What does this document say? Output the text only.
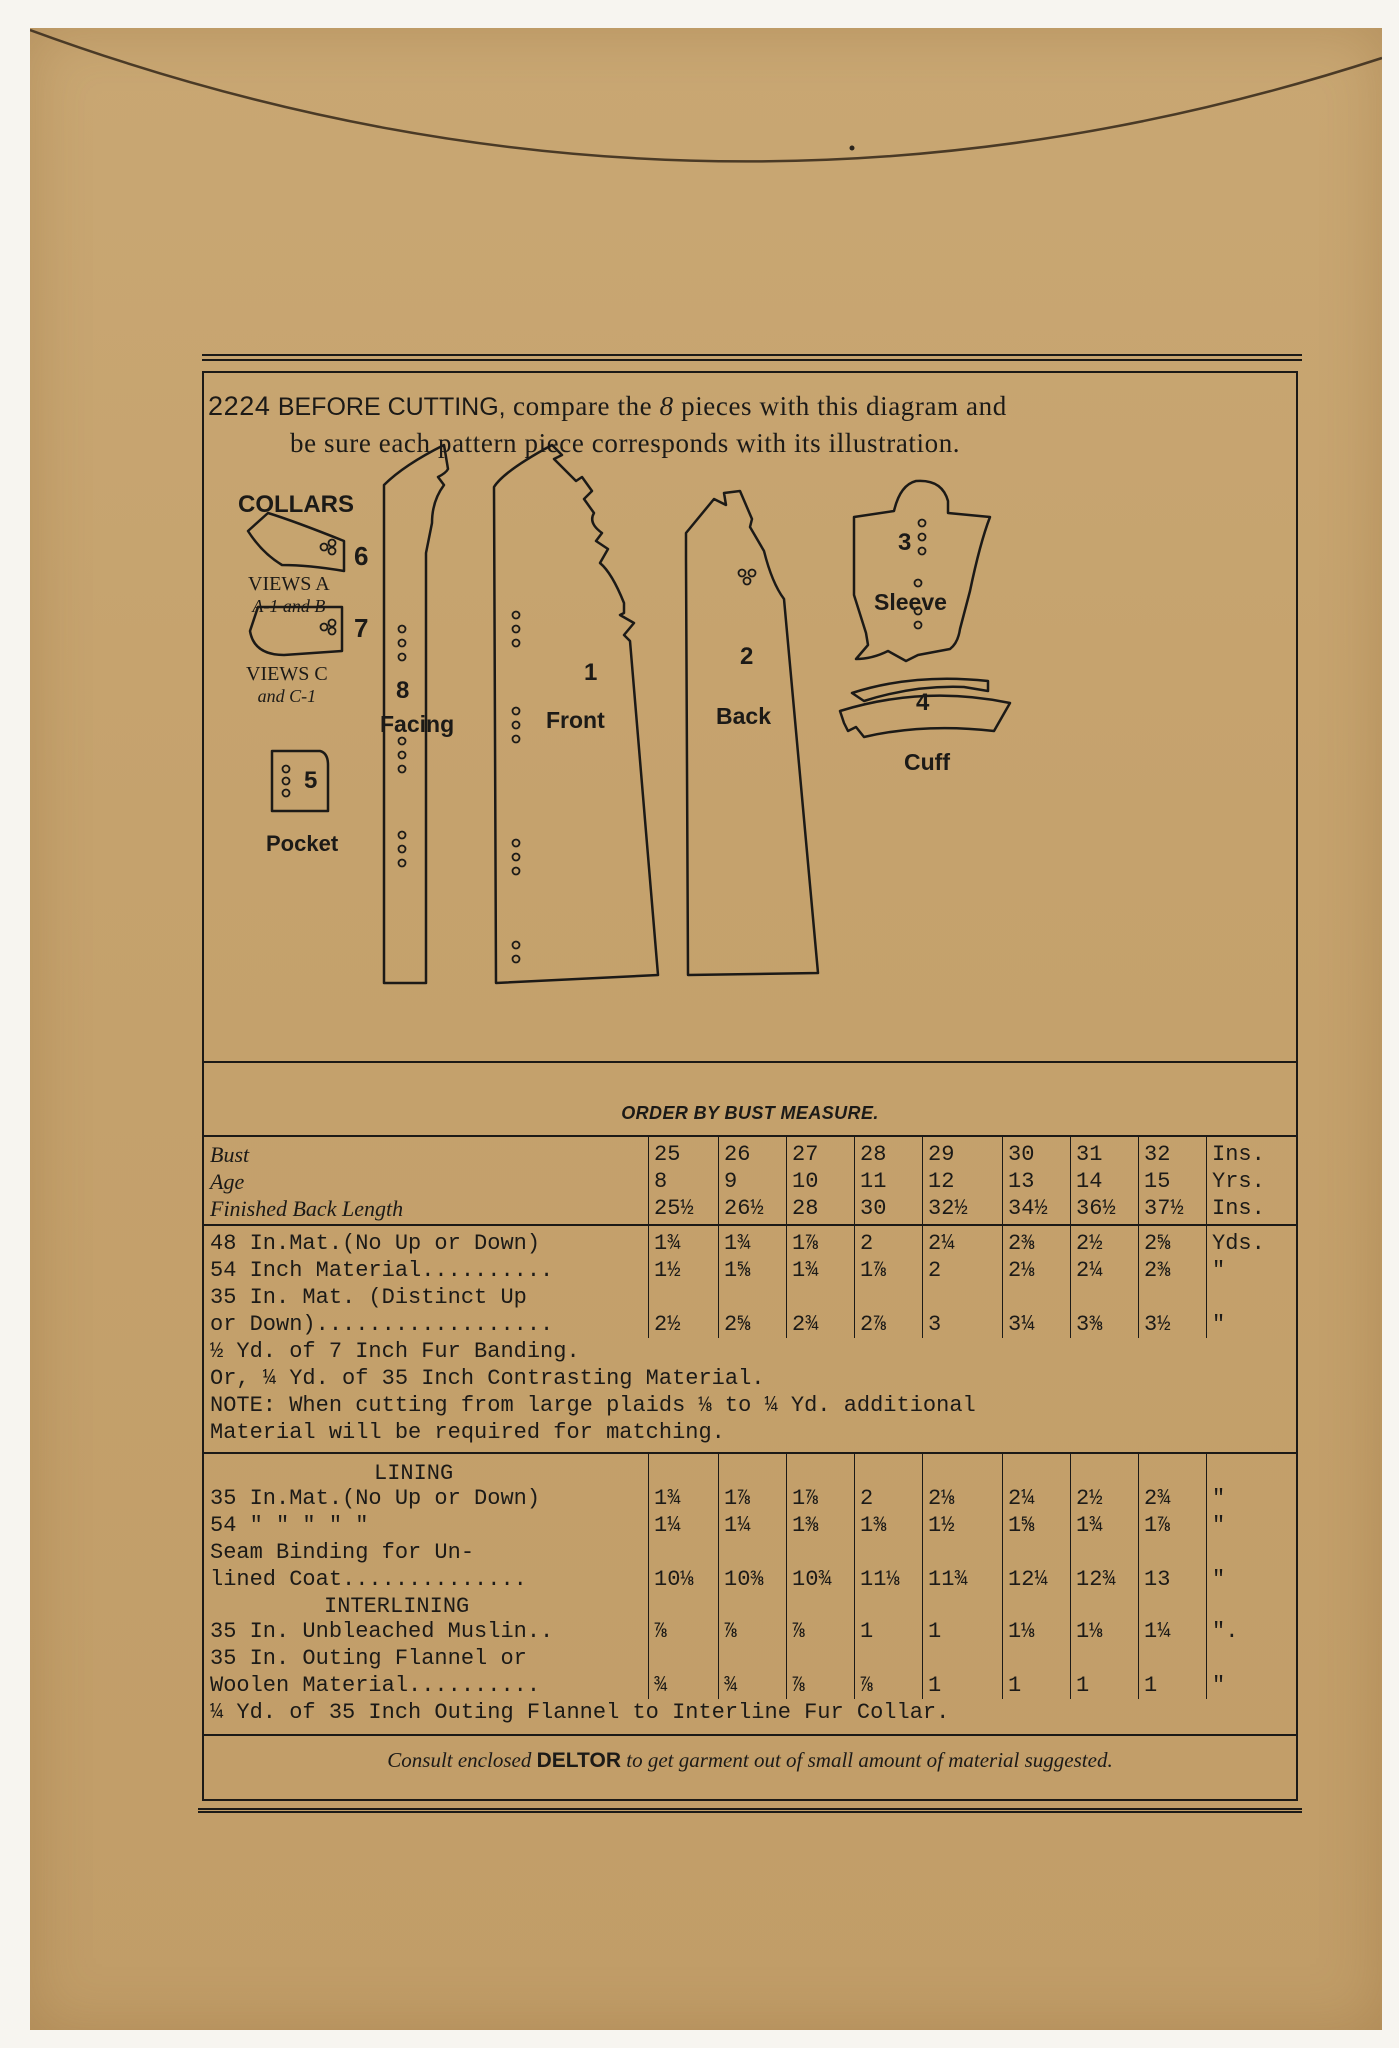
2224 BEFORE CUTTING, compare the 8 pieces with this diagram and
be sure each pattern piece corresponds with its illustration.
COLLARS
6
VIEWS A
A-1 and B
7
VIEWS C
and C-1
5
Pocket
8
Facing
1
Front
2
Back
3
Sleeve
4
Cuff
ORDER BY BUST MEASURE.
Consult enclosed DELTOR to get garment out of small amount of material suggested.
Bust	25 26 27 28 29 30 31 32 Ins.
Age	8	9 10 11 12 13 14 15 Yrs.
Finished Back Length	25½ 26½ 28 30 32½ 34½ 36½ 37½ Ins.
48 In.Mat.(No Up or Down)	1¾ 1¾ 1⅞ 2 2¼ 2⅜ 2½ 2⅝ Yds.
54 Inch Material..........	1½ 1⅝ 1¾ 1⅞ 2	2⅛ 2¼ 2⅜ "
35 In. Mat. (Distinct Up
or Down)..................	2½ 2⅝ 2¾ 2⅞ 3	3¼ 3⅜ 3½ "
½ Yd. of 7 Inch Fur Banding.
Or, ¼ Yd. of 35 Inch Contrasting Material.
NOTE: When cutting from large plaids ⅛ to ¼ Yd. additional
Material will be required for matching.
LINING
35 In.Mat.(No Up or Down)	1¾ 1⅞ 1⅞ 2 2⅛ 2¼ 2½ 2¾ "
54 " " " " "	1¼ 1¼ 1⅜ 1⅜ 1½ 1⅝ 1¾ 1⅞ "
Seam Binding for Un-
lined Coat..............	10⅛ 10⅜ 10¾ 11⅛ 11¾ 12¼ 12¾ 13 "
INTERLINING
35 In. Unbleached Muslin..	⅞	⅞ ⅞ 1 1	1⅛ 1⅛ 1¼ ".
35 In. Outing Flannel or
Woolen Material..........	¾	¾ ⅞ ⅞ 1	1 1 1 "
¼ Yd. of 35 Inch Outing Flannel to Interline Fur Collar.
